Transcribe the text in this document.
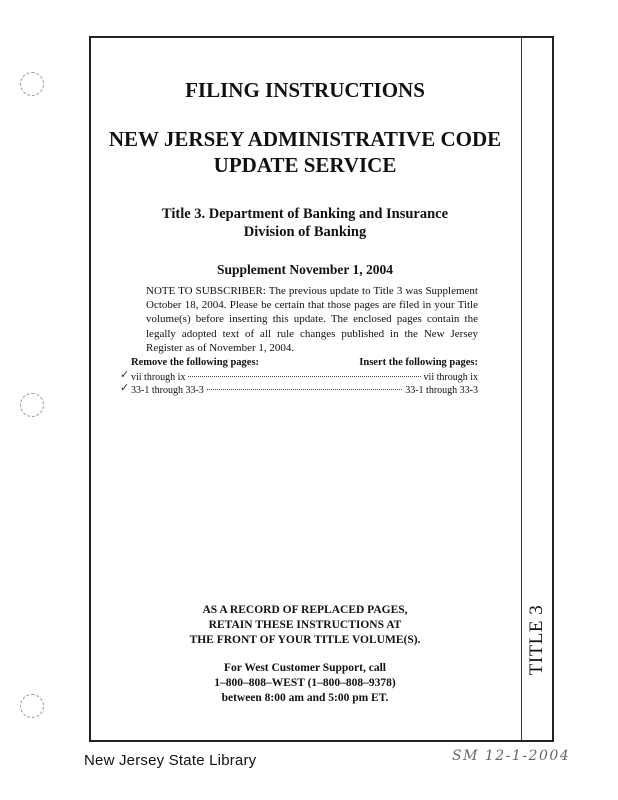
TITLE 3
FILING INSTRUCTIONS
NEW JERSEY ADMINISTRATIVE CODE
UPDATE SERVICE
Title 3. Department of Banking and Insurance
Division of Banking
Supplement November 1, 2004
NOTE TO SUBSCRIBER: The previous update to Title 3 was Supplement October 18, 2004. Please be certain that those pages are filed in your Title volume(s) before inserting this update. The enclosed pages contain the legally adopted text of all rule changes published in the New Jersey Register as of November 1, 2004.
Remove the following pages:	Insert the following pages:
✓ vii through ix	vii through ix
✓ 33-1 through 33-3	33-1 through 33-3
AS A RECORD OF REPLACED PAGES,
RETAIN THESE INSTRUCTIONS AT
THE FRONT OF YOUR TITLE VOLUME(S).
For West Customer Support, call
1–800–808–WEST (1–800–808–9378)
between 8:00 am and 5:00 pm ET.
New Jersey State Library	SM 12-1-2004
